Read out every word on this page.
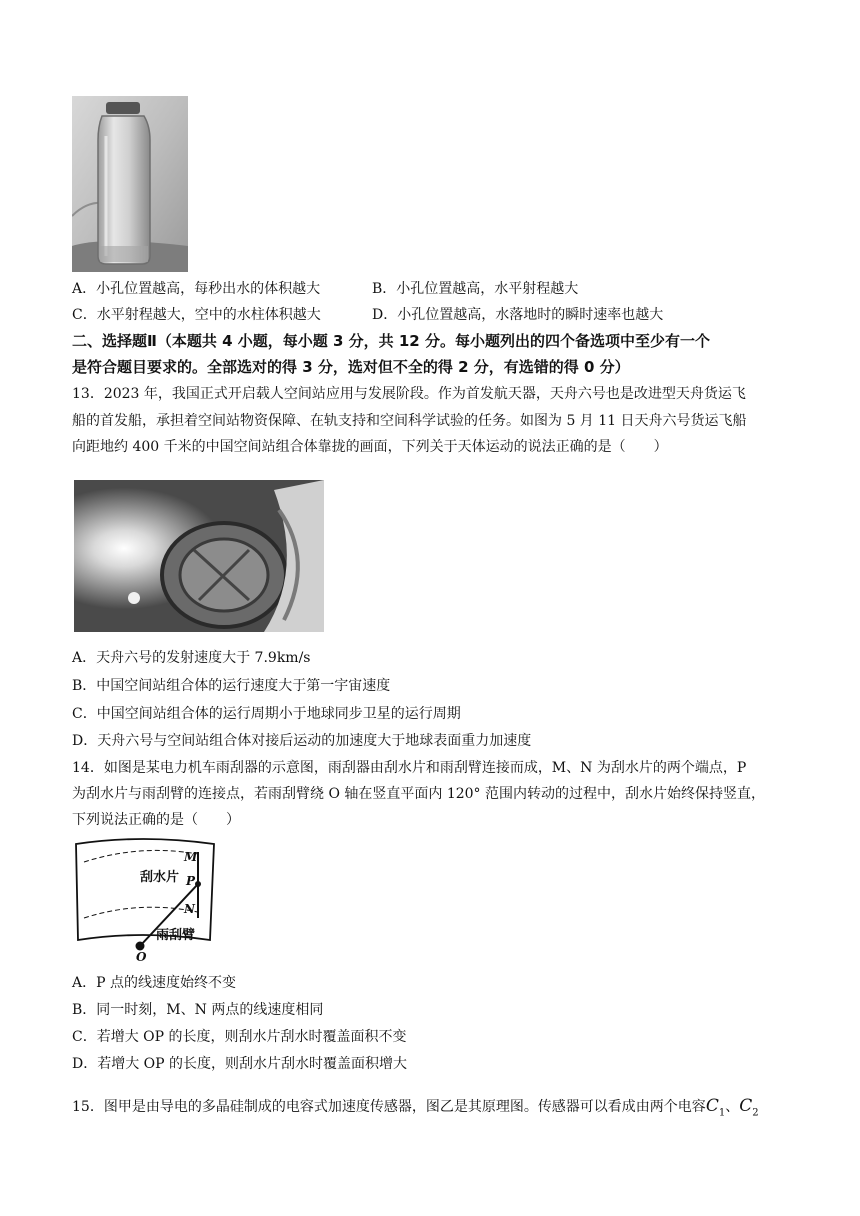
A．小孔位置越高，每秒出水的体积越大	B．小孔位置越高，水平射程越大
C．水平射程越大，空中的水柱体积越大	D．小孔位置越高，水落地时的瞬时速率也越大
二、选择题Ⅱ（本题共 4 小题，每小题 3 分，共 12 分。每小题列出的四个备选项中至少有一个
是符合题目要求的。全部选对的得 3 分，选对但不全的得 2 分，有选错的得 0 分）
13．2023 年，我国正式开启载人空间站应用与发展阶段。作为首发航天器，天舟六号也是改进型天舟货运飞
船的首发船，承担着空间站物资保障、在轨支持和空间科学试验的任务。如图为 5 月 11 日天舟六号货运飞船
向距地约 400 千米的中国空间站组合体靠拢的画面，下列关于天体运动的说法正确的是（　　）
A．天舟六号的发射速度大于 7.9km/s
B．中国空间站组合体的运行速度大于第一宇宙速度
C．中国空间站组合体的运行周期小于地球同步卫星的运行周期
D．天舟六号与空间站组合体对接后运动的加速度大于地球表面重力加速度
14．如图是某电力机车雨刮器的示意图，雨刮器由刮水片和雨刮臂连接而成，M、N 为刮水片的两个端点，P
为刮水片与雨刮臂的连接点，若雨刮臂绕 O 轴在竖直平面内 120° 范围内转动的过程中，刮水片始终保持竖直，
下列说法正确的是（　　）
刮水片
雨刮臂
M
P
N
O
A．P 点的线速度始终不变
B．同一时刻，M、N 两点的线速度相同
C．若增大 OP 的长度，则刮水片刮水时覆盖面积不变
D．若增大 OP 的长度，则刮水片刮水时覆盖面积增大
15．图甲是由导电的多晶硅制成的电容式加速度传感器，图乙是其原理图。传感器可以看成由两个电容$C_1$、$C_2$
